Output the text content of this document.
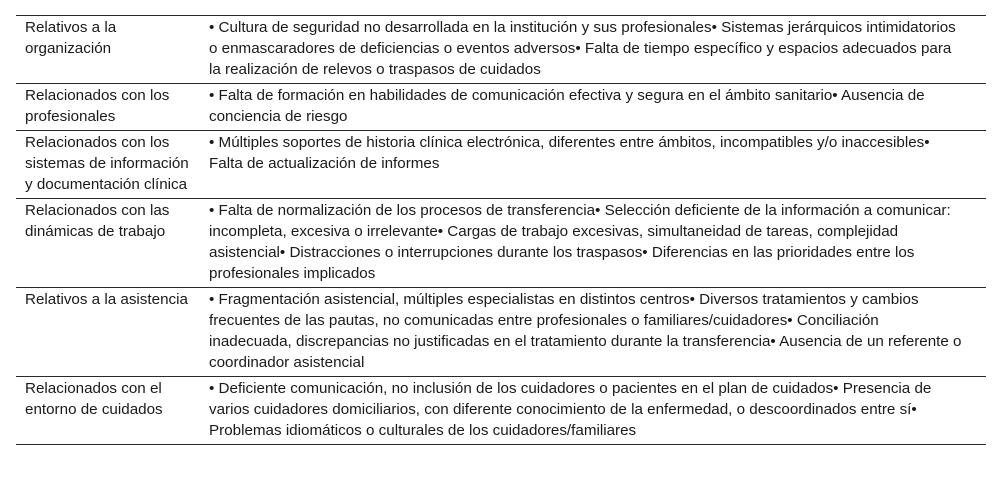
Relativos a la organización	• Cultura de seguridad no desarrollada en la institución y sus profesionales• Sistemas jerárquicos intimidatorios o enmascaradores de deficiencias o eventos adversos• Falta de tiempo específico y espacios adecuados para la realización de relevos o traspasos de cuidados
Relacionados con los profesionales	• Falta de formación en habilidades de comunicación efectiva y segura en el ámbito sanitario• Ausencia de conciencia de riesgo
Relacionados con los sistemas de información y documentación clínica	• Múltiples soportes de historia clínica electrónica, diferentes entre ámbitos, incompatibles y/o inaccesibles• Falta de actualización de informes
Relacionados con las dinámicas de trabajo	• Falta de normalización de los procesos de transferencia• Selección deficiente de la información a comunicar: incompleta, excesiva o irrelevante• Cargas de trabajo excesivas, simultaneidad de tareas, complejidad asistencial• Distracciones o interrupciones durante los traspasos• Diferencias en las prioridades entre los profesionales implicados
Relativos a la asistencia	• Fragmentación asistencial, múltiples especialistas en distintos centros• Diversos tratamientos y cambios frecuentes de las pautas, no comunicadas entre profesionales o familiares/cuidadores• Conciliación inadecuada, discrepancias no justificadas en el tratamiento durante la transferencia• Ausencia de un referente o coordinador asistencial
Relacionados con el entorno de cuidados	• Deficiente comunicación, no inclusión de los cuidadores o pacientes en el plan de cuidados• Presencia de varios cuidadores domiciliarios, con diferente conocimiento de la enfermedad, o descoordinados entre sí• Problemas idiomáticos o culturales de los cuidadores/familiares
